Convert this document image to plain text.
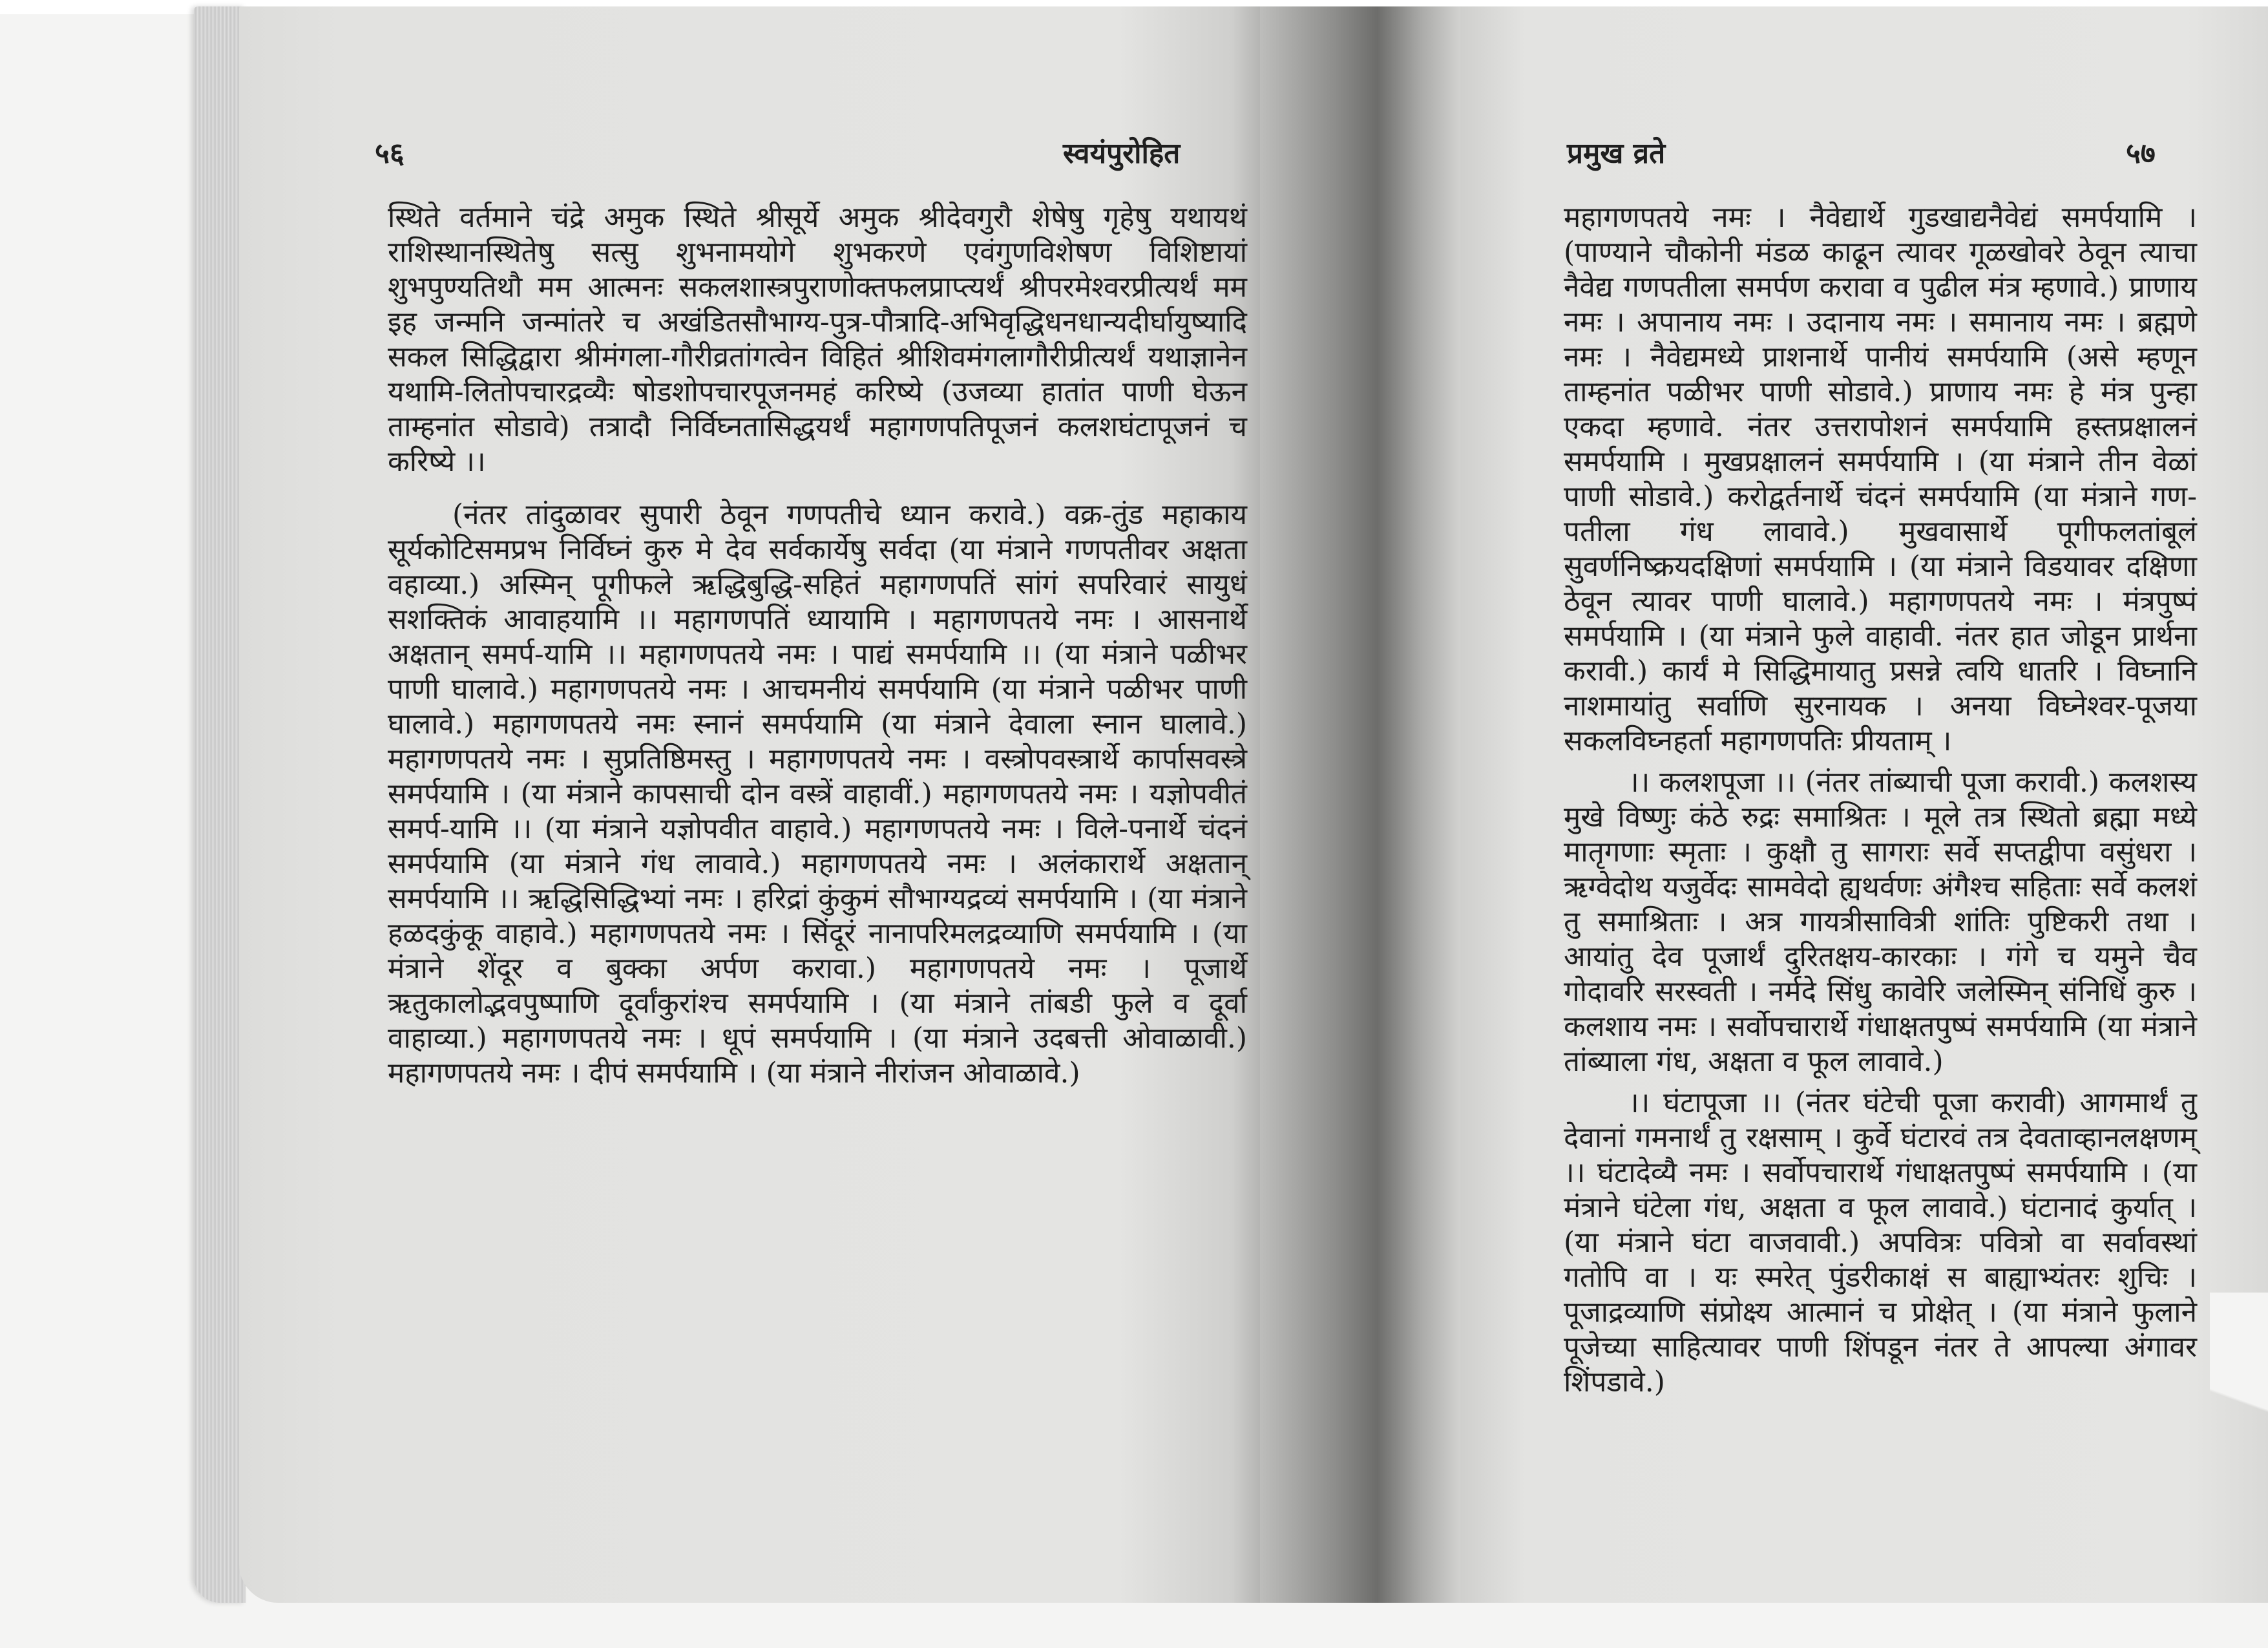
५६	स्वयंपुरोहित

स्थिते वर्तमाने चंद्रे अमुक स्थिते श्रीसूर्ये अमुक श्रीदेवगुरौ शेषेषु गृहेषु यथायथं राशिस्थानस्थितेषु सत्सु शुभनामयोगे शुभकरणे एवंगुणविशेषण विशिष्टायां शुभपुण्यतिथौ मम आत्मनः सकलशास्त्रपुराणोक्तफलप्राप्त्यर्थं श्रीपरमेश्वरप्रीत्यर्थं मम इह जन्मनि जन्मांतरे च अखंडितसौभाग्य-पुत्र-पौत्रादि-अभिवृद्धिधनधान्यदीर्घायुष्यादि सकल सिद्धिद्वारा श्रीमंगला-गौरीव्रतांगत्वेन विहितं श्रीशिवमंगलागौरीप्रीत्यर्थं यथाज्ञानेन यथामि-लितोपचारद्रव्यैः षोडशोपचारपूजनमहं करिष्ये (उजव्या हातांत पाणी घेऊन ताम्हनांत सोडावे) तत्रादौ निर्विघ्नतासिद्धयर्थं महागणपतिपूजनं कलशघंटापूजनं च करिष्ये ।।

(नंतर तांदुळावर सुपारी ठेवून गणपतीचे ध्यान करावे.) वक्र-तुंड महाकाय सूर्यकोटिसमप्रभ निर्विघ्नं कुरु मे देव सर्वकार्येषु सर्वदा (या मंत्राने गणपतीवर अक्षता वहाव्या.) अस्मिन् पूगीफले ऋद्धिबुद्धि-सहितं महागणपतिं सांगं सपरिवारं सायुधं सशक्तिकं आवाहयामि ।। महागणपतिं ध्यायामि । महागणपतये नमः । आसनार्थे अक्षतान् समर्प-यामि ।। महागणपतये नमः । पाद्यं समर्पयामि ।। (या मंत्राने पळीभर पाणी घालावे.) महागणपतये नमः । आचमनीयं समर्पयामि (या मंत्राने पळीभर पाणी घालावे.) महागणपतये नमः स्नानं समर्पयामि (या मंत्राने देवाला स्नान घालावे.) महागणपतये नमः । सुप्रतिष्ठिमस्तु । महागणपतये नमः । वस्त्रोपवस्त्रार्थे कार्पासवस्त्रे समर्पयामि । (या मंत्राने कापसाची दोन वस्त्रें वाहावीं.) महागणपतये नमः । यज्ञोपवीतं समर्प-यामि ।। (या मंत्राने यज्ञोपवीत वाहावे.) महागणपतये नमः । विले-पनार्थे चंदनं समर्पयामि (या मंत्राने गंध लावावे.) महागणपतये नमः । अलंकारार्थे अक्षतान् समर्पयामि ।। ऋद्धिसिद्धिभ्यां नमः । हरिद्रां कुंकुमं सौभाग्यद्रव्यं समर्पयामि । (या मंत्राने हळदकुंकू वाहावे.) महागणपतये नमः । सिंदूरं नानापरिमलद्रव्याणि समर्पयामि । (या मंत्राने शेंदूर व बुक्का अर्पण करावा.) महागणपतये नमः । पूजार्थे ऋतुकालोद्भवपुष्पाणि दूर्वांकुरांश्च समर्पयामि । (या मंत्राने तांबडी फुले व दूर्वा वाहाव्या.) महागणपतये नमः । धूपं समर्पयामि । (या मंत्राने उदबत्ती ओवाळावी.) महागणपतये नमः । दीपं समर्पयामि । (या मंत्राने नीरांजन ओवाळावे.)

प्रमुख व्रते	५७

महागणपतये नमः । नैवेद्यार्थे गुडखाद्यनैवेद्यं समर्पयामि । (पाण्याने चौकोनी मंडळ काढून त्यावर गूळखोवरे ठेवून त्याचा नैवेद्य गणपतीला समर्पण करावा व पुढील मंत्र म्हणावे.) प्राणाय नमः । अपानाय नमः । उदानाय नमः । समानाय नमः । ब्रह्मणे नमः । नैवेद्यमध्ये प्राशनार्थे पानीयं समर्पयामि (असे म्हणून ताम्हनांत पळीभर पाणी सोडावे.) प्राणाय नमः हे मंत्र पुन्हा एकदा म्हणावे. नंतर उत्तरापोशनं समर्पयामि हस्तप्रक्षालनं समर्पयामि । मुखप्रक्षालनं समर्पयामि । (या मंत्राने तीन वेळां पाणी सोडावे.) करोद्वर्तनार्थे चंदनं समर्पयामि (या मंत्राने गण-पतीला गंध लावावे.) मुखवासार्थे पूगीफलतांबूलं सुवर्णनिष्क्रयदक्षिणां समर्पयामि । (या मंत्राने विडयावर दक्षिणा ठेवून त्यावर पाणी घालावे.) महागणपतये नमः । मंत्रपुष्पं समर्पयामि । (या मंत्राने फुले वाहावी. नंतर हात जोडून प्रार्थना करावी.) कार्यं मे सिद्धिमायातु प्रसन्ने त्वयि धातरि । विघ्नानि नाशमायांतु सर्वाणि सुरनायक । अनया विघ्नेश्वर-पूजया सकलविघ्नहर्ता महागणपतिः प्रीयताम् ।

।। कलशपूजा ।। (नंतर तांब्याची पूजा करावी.) कलशस्य मुखे विष्णुः कंठे रुद्रः समाश्रितः । मूले तत्र स्थितो ब्रह्मा मध्ये मातृगणाः स्मृताः । कुक्षौ तु सागराः सर्वे सप्तद्वीपा वसुंधरा । ऋग्वेदोथ यजुर्वेदः सामवेदो ह्यथर्वणः अंगैश्च सहिताः सर्वे कलशं तु समाश्रिताः । अत्र गायत्रीसावित्री शांतिः पुष्टिकरी तथा । आयांतु देव पूजार्थं दुरितक्षय-कारकाः । गंगे च यमुने चैव गोदावरि सरस्वती । नर्मदे सिंधु कावेरि जलेस्मिन् संनिधिं कुरु । कलशाय नमः । सर्वोपचारार्थे गंधाक्षतपुष्पं समर्पयामि (या मंत्राने तांब्याला गंध, अक्षता व फूल लावावे.)

।। घंटापूजा ।। (नंतर घंटेची पूजा करावी) आगमार्थं तु देवानां गमनार्थं तु रक्षसाम् । कुर्वे घंटारवं तत्र देवताव्हानलक्षणम् ।। घंटादेव्यै नमः । सर्वोपचारार्थे गंधाक्षतपुष्पं समर्पयामि । (या मंत्राने घंटेला गंध, अक्षता व फूल लावावे.) घंटानादं कुर्यात् । (या मंत्राने घंटा वाजवावी.) अपवित्रः पवित्रो वा सर्वावस्थां गतोपि वा । यः स्मरेत् पुंडरीकाक्षं स बाह्याभ्यंतरः शुचिः । पूजाद्रव्याणि संप्रोक्ष्य आत्मानं च प्रोक्षेत् । (या मंत्राने फुलाने पूजेच्या साहित्यावर पाणी शिंपडून नंतर ते आपल्या अंगावर शिंपडावे.)
